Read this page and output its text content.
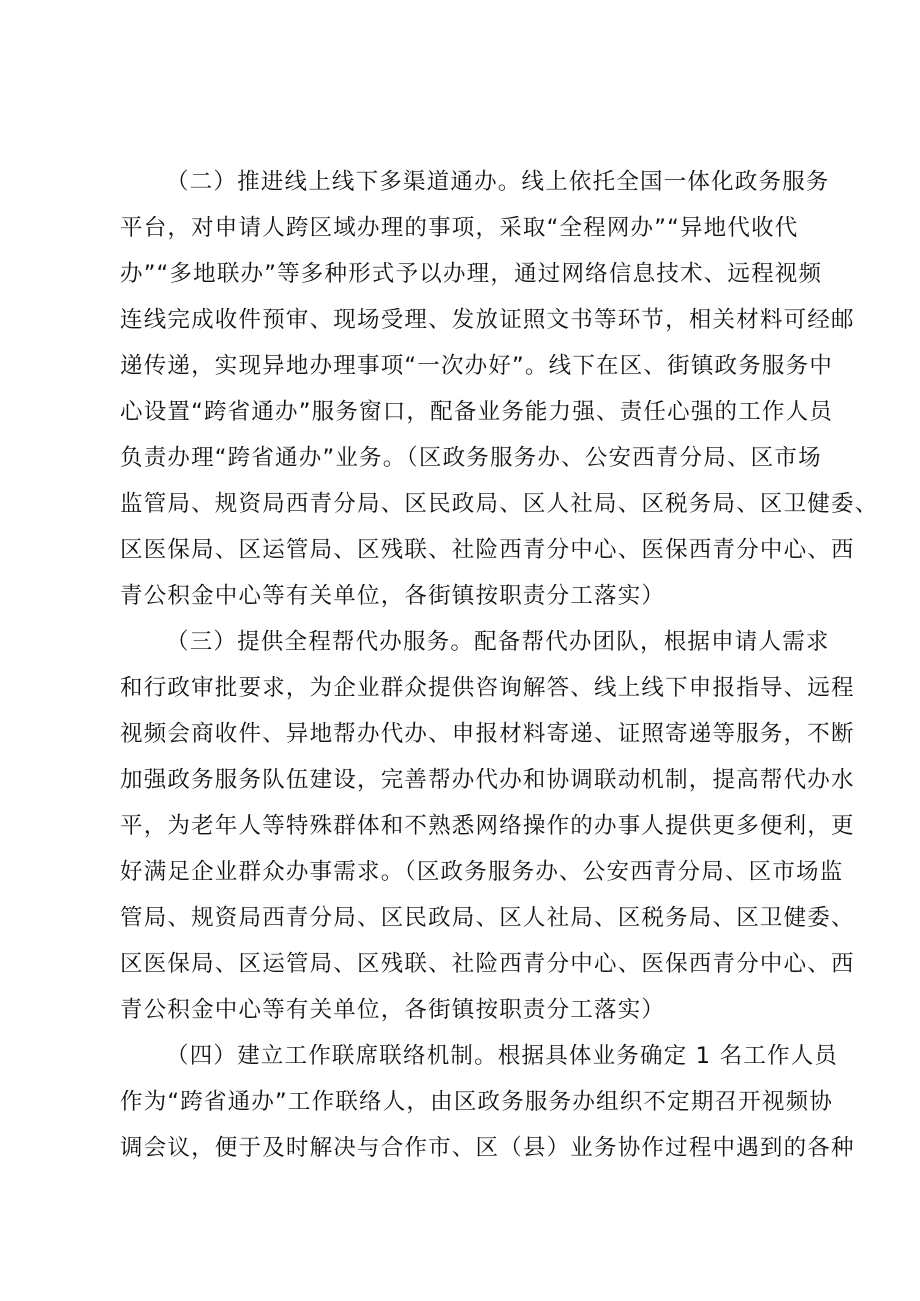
（二）推进线上线下多渠道通办。线上依托全国一体化政务服务
平台，对申请人跨区域办理的事项，采取“全程网办”“异地代收代
办”“多地联办”等多种形式予以办理，通过网络信息技术、远程视频
连线完成收件预审、现场受理、发放证照文书等环节，相关材料可经邮
递传递，实现异地办理事项“一次办好”。线下在区、街镇政务服务中
心设置“跨省通办”服务窗口，配备业务能力强、责任心强的工作人员
负责办理“跨省通办”业务。（区政务服务办、公安西青分局、区市场
监管局、规资局西青分局、区民政局、区人社局、区税务局、区卫健委、
区医保局、区运管局、区残联、社险西青分中心、医保西青分中心、西
青公积金中心等有关单位，各街镇按职责分工落实）
（三）提供全程帮代办服务。配备帮代办团队，根据申请人需求
和行政审批要求，为企业群众提供咨询解答、线上线下申报指导、远程
视频会商收件、异地帮办代办、申报材料寄递、证照寄递等服务，不断
加强政务服务队伍建设，完善帮办代办和协调联动机制，提高帮代办水
平，为老年人等特殊群体和不熟悉网络操作的办事人提供更多便利，更
好满足企业群众办事需求。（区政务服务办、公安西青分局、区市场监
管局、规资局西青分局、区民政局、区人社局、区税务局、区卫健委、
区医保局、区运管局、区残联、社险西青分中心、医保西青分中心、西
青公积金中心等有关单位，各街镇按职责分工落实）
（四）建立工作联席联络机制。根据具体业务确定 1 名工作人员
作为“跨省通办”工作联络人，由区政务服务办组织不定期召开视频协
调会议，便于及时解决与合作市、区（县）业务协作过程中遇到的各种
